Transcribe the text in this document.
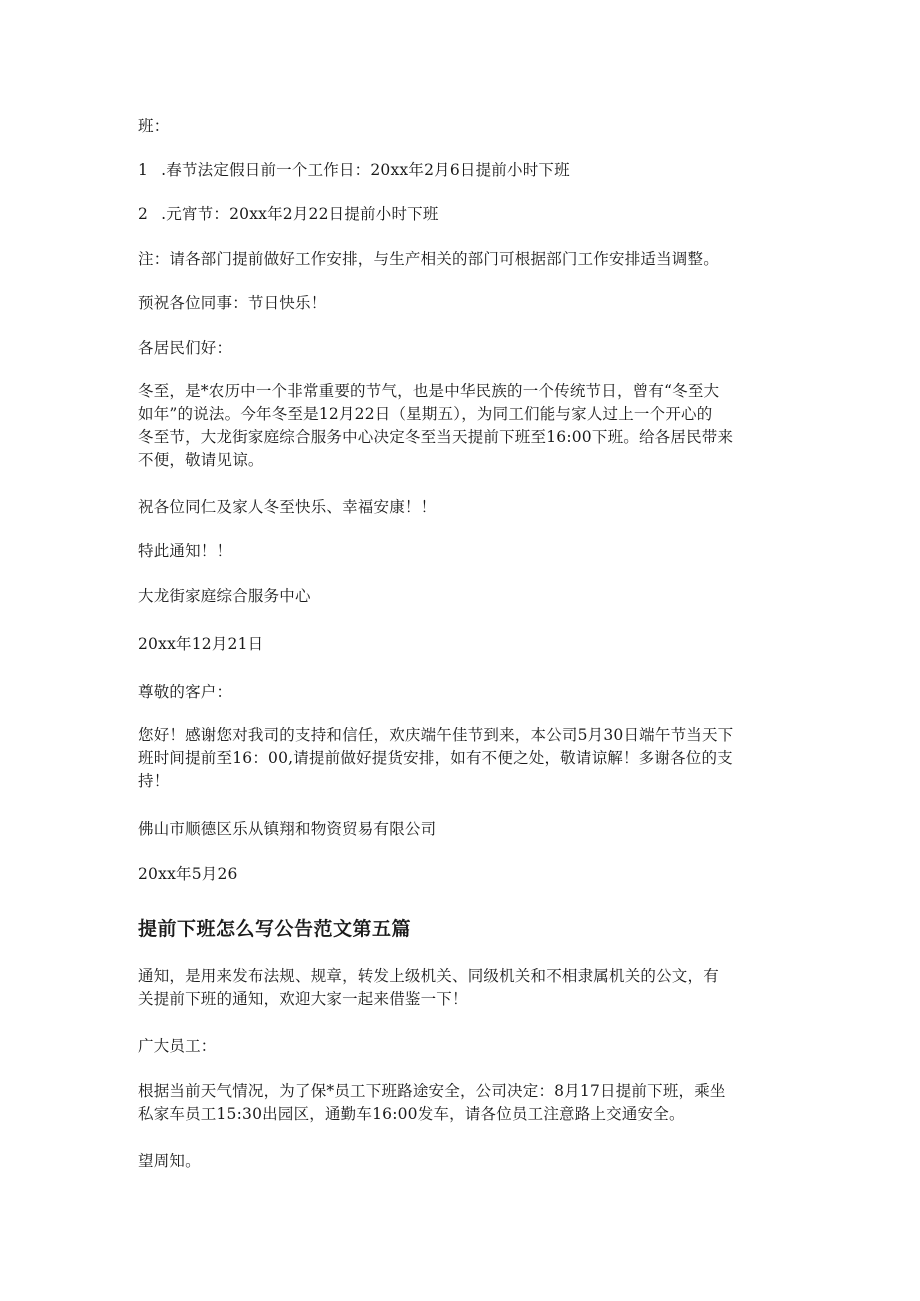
班：
1 .春节法定假日前一个工作日：20xx年2月6日提前小时下班
2 .元宵节：20xx年2月22日提前小时下班
注：请各部门提前做好工作安排，与生产相关的部门可根据部门工作安排适当调整。
预祝各位同事：节日快乐！
各居民们好：
冬至，是*农历中一个非常重要的节气，也是中华民族的一个传统节日，曾有“冬至大
如年”的说法。今年冬至是12月22日（星期五），为同工们能与家人过上一个开心的
冬至节，大龙街家庭综合服务中心决定冬至当天提前下班至16:00下班。给各居民带来
不便，敬请见谅。
祝各位同仁及家人冬至快乐、幸福安康！！
特此通知！！
大龙街家庭综合服务中心
20xx年12月21日
尊敬的客户：
您好！感谢您对我司的支持和信任，欢庆端午佳节到来，本公司5月30日端午节当天下
班时间提前至16：00,请提前做好提货安排，如有不便之处，敬请谅解！多谢各位的支
持！
佛山市顺德区乐从镇翔和物资贸易有限公司
20xx年5月26
提前下班怎么写公告范文第五篇
通知，是用来发布法规、规章，转发上级机关、同级机关和不相隶属机关的公文，有
关提前下班的通知，欢迎大家一起来借鉴一下！
广大员工：
根据当前天气情况，为了保*员工下班路途安全，公司决定：8月17日提前下班，乘坐
私家车员工15:30出园区，通勤车16:00发车，请各位员工注意路上交通安全。
望周知。
